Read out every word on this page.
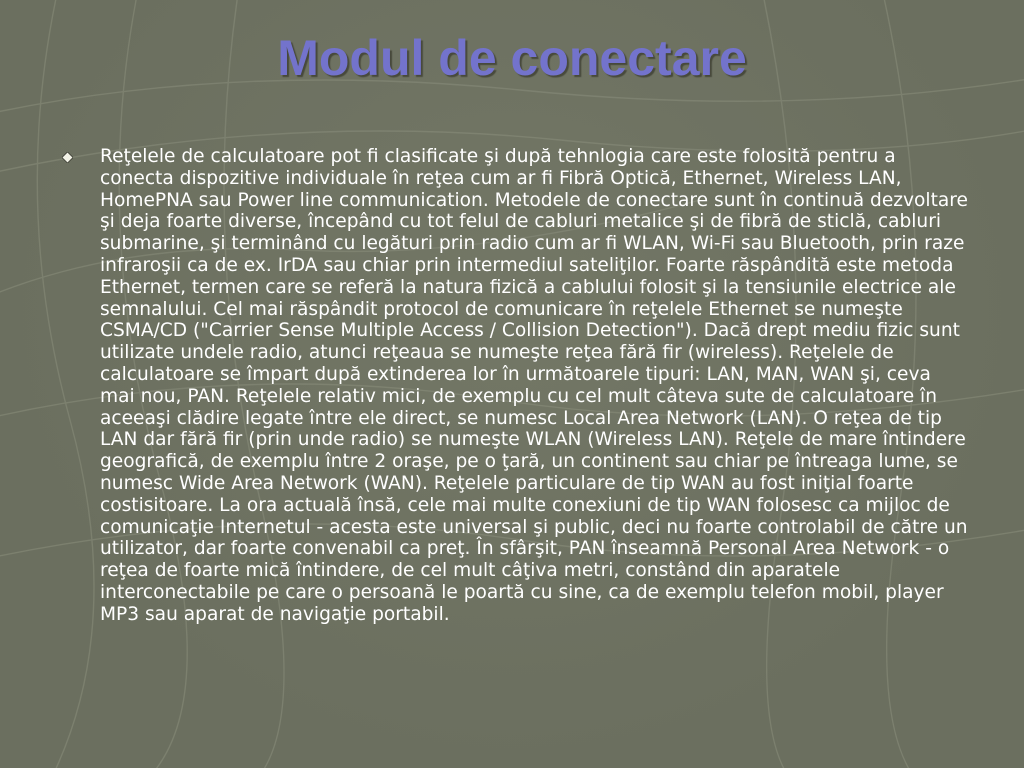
Modul de conectare

Reţelele de calculatoare pot fi clasificate şi după tehnlogia care este folosită pentru a conecta dispozitive individuale în reţea cum ar fi Fibră Optică, Ethernet, Wireless LAN, HomePNA sau Power line communication. Metodele de conectare sunt în continuă dezvoltare şi deja foarte diverse, începând cu tot felul de cabluri metalice şi de fibră de sticlă, cabluri submarine, şi terminând cu legături prin radio cum ar fi WLAN, Wi-Fi sau Bluetooth, prin raze infraroşii ca de ex. IrDA sau chiar prin intermediul sateliţilor. Foarte răspândită este metoda Ethernet, termen care se referă la natura fizică a cablului folosit şi la tensiunile electrice ale semnalului. Cel mai răspândit protocol de comunicare în reţelele Ethernet se numeşte CSMA/CD ("Carrier Sense Multiple Access / Collision Detection"). Dacă drept mediu fizic sunt utilizate undele radio, atunci reţeaua se numeşte reţea fără fir (wireless). Reţelele de calculatoare se împart după extinderea lor în următoarele tipuri: LAN, MAN, WAN şi, ceva mai nou, PAN. Reţelele relativ mici, de exemplu cu cel mult câteva sute de calculatoare în aceeaşi clădire legate între ele direct, se numesc Local Area Network (LAN). O reţea de tip LAN dar fără fir (prin unde radio) se numeşte WLAN (Wireless LAN). Reţele de mare întindere geografică, de exemplu între 2 oraşe, pe o ţară, un continent sau chiar pe întreaga lume, se numesc Wide Area Network (WAN). Reţelele particulare de tip WAN au fost iniţial foarte costisitoare. La ora actuală însă, cele mai multe conexiuni de tip WAN folosesc ca mijloc de comunicaţie Internetul - acesta este universal şi public, deci nu foarte controlabil de către un utilizator, dar foarte convenabil ca preţ. În sfârşit, PAN înseamnă Personal Area Network - o reţea de foarte mică întindere, de cel mult câţiva metri, constând din aparatele interconectabile pe care o persoană le poartă cu sine, ca de exemplu telefon mobil, player MP3 sau aparat de navigaţie portabil.
